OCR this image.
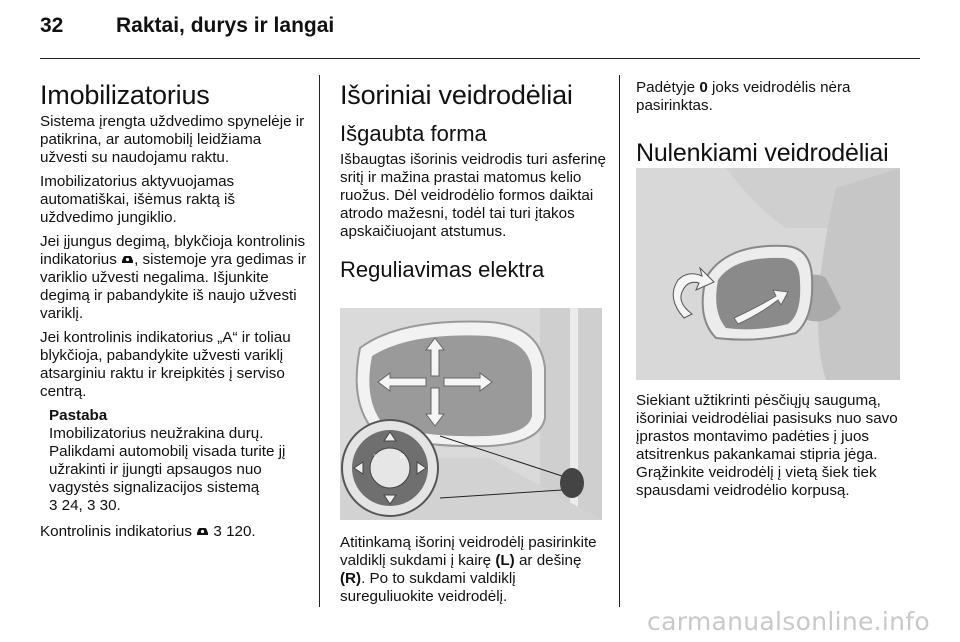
32	Raktai, durys ir langai
Imobilizatorius

Sistema įrengta uždvedimo spynelėje ir patikrina, ar automobilį leidžiama užvesti su naudojamu raktu.

Imobilizatorius aktyvuojamas automatiškai, išėmus raktą iš uždvedimo jungiklio.

Jei įjungus degimą, blykčioja kontrolinis indikatorius , sistemoje yra gedimas ir variklio užvesti negalima. Išjunkite degimą ir pabandykite iš naujo užvesti variklį.

Jei kontrolinis indikatorius „A“ ir toliau blykčioja, pabandykite užvesti variklį atsarginiu raktu ir kreipkitės į serviso centrą.

Pastaba
Imobilizatorius neužrakina durų. Palikdami automobilį visada turite jį užrakinti ir įjungti apsaugos nuo vagystės signalizacijos sistemą
3 24, 3 30.

Kontrolinis indikatorius 3 120.

Išoriniai veidrodėliai
Išgaubta forma

Išbaugtas išorinis veidrodis turi asferinę sritį ir mažina prastai matomus kelio ruožus. Dėl veidrodėlio formos daiktai atrodo mažesni, todėl tai turi įtakos apskaičiuojant atstumus.

Reguliavimas elektra
L	R

Atitinkamą išorinį veidrodėlį pasirinkite valdiklį sukdami į kairę (L) ar dešinę (R). Po to sukdami valdiklį sureguliuokite veidrodėlį.

Padėtyje 0 joks veidrodėlis nėra pasirinktas.

Nulenkiami veidrodėliai

Siekiant užtikrinti pėsčiųjų saugumą, išoriniai veidrodėliai pasisuks nuo savo įprastos montavimo padėties į juos atsitrenkus pakankamai stipria jėga. Grąžinkite veidrodėlį į vietą šiek tiek spausdami veidrodėlio korpusą.

carmanualsonline.info
